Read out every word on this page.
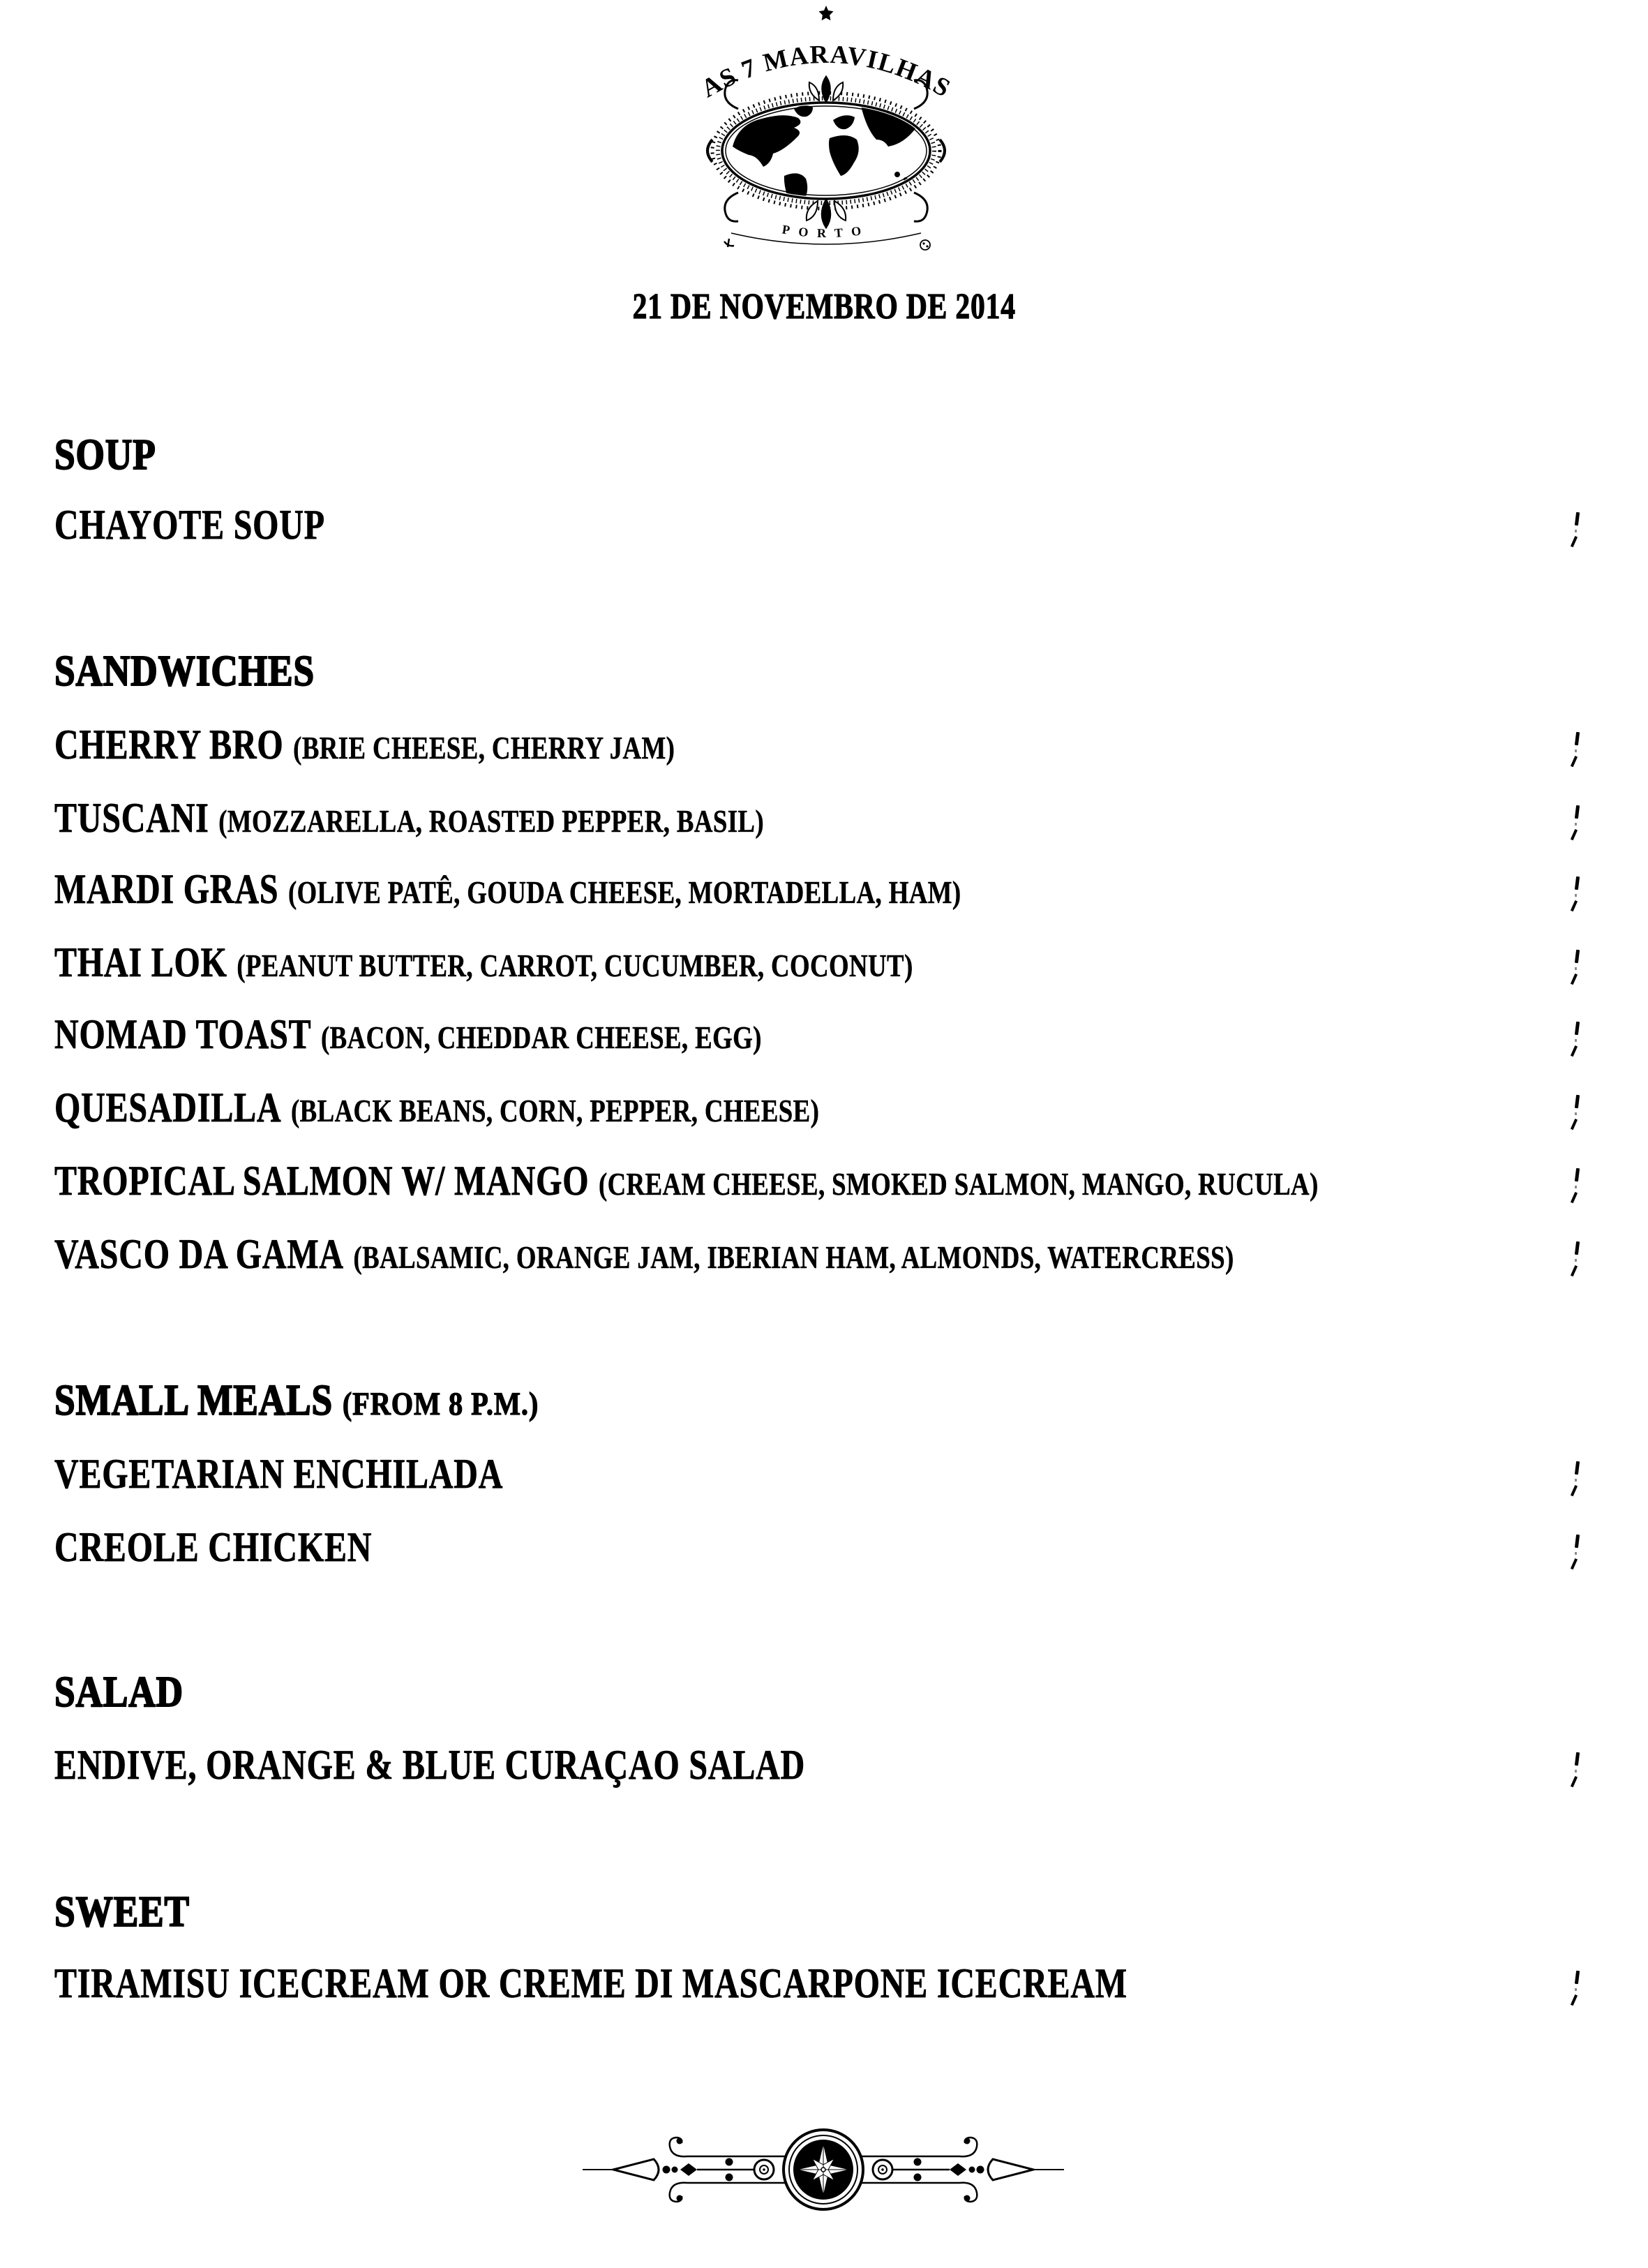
AS 7 MARAVILHAS
PORTO
21 DE NOVEMBRO DE 2014
SOUP
CHAYOTE SOUP
SANDWICHES
CHERRY BRO (BRIE CHEESE, CHERRY JAM)
TUSCANI (MOZZARELLA, ROASTED PEPPER, BASIL)
MARDI GRAS (OLIVE PATÊ, GOUDA CHEESE, MORTADELLA, HAM)
THAI LOK (PEANUT BUTTER, CARROT, CUCUMBER, COCONUT)
NOMAD TOAST (BACON, CHEDDAR CHEESE, EGG)
QUESADILLA (BLACK BEANS, CORN, PEPPER, CHEESE)
TROPICAL SALMON W/ MANGO (CREAM CHEESE, SMOKED SALMON, MANGO, RUCULA)
VASCO DA GAMA (BALSAMIC, ORANGE JAM, IBERIAN HAM, ALMONDS, WATERCRESS)
SMALL MEALS (FROM 8 P.M.)
VEGETARIAN ENCHILADA
CREOLE CHICKEN
SALAD
ENDIVE, ORANGE & BLUE CURAÇAO SALAD
SWEET
TIRAMISU ICECREAM OR CREME DI MASCARPONE ICECREAM
